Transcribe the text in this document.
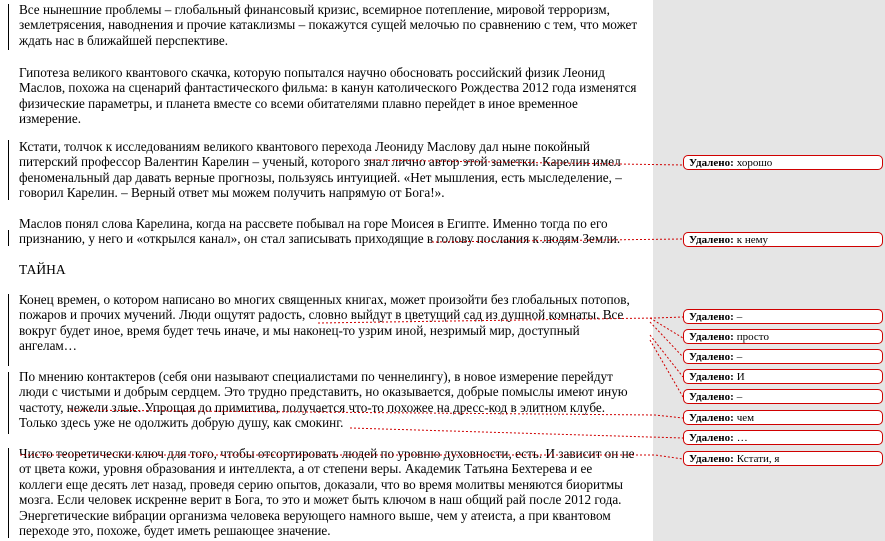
Все нынешние проблемы – глобальный финансовый кризис, всемирное потепление, мировой терроризм, землетрясения, наводнения и прочие катаклизмы – покажутся сущей мелочью по сравнению с тем, что может ждать нас в ближайшей перспективе.

Гипотеза великого квантового скачка, которую попытался научно обосновать российский физик Леонид Маслов, похожа на сценарий фантастического фильма: в канун католического Рождества 2012 года изменятся физические параметры, и планета вместе со всеми обитателями плавно перейдет в иное временное измерение.

Кстати, толчок к исследованиям великого квантового перехода Леониду Маслову дал ныне покойный питерский профессор Валентин Карелин – ученый, которого знал лично автор этой заметки. Карелин имел феноменальный дар давать верные прогнозы, пользуясь интуицией. «Нет мышления, есть мыследеление, – говорил Карелин. – Верный ответ мы можем получить напрямую от Бога!».

Маслов понял слова Карелина, когда на рассвете побывал на горе Моисея в Египте. Именно тогда по его признанию, у него и «открылся канал», он стал записывать приходящие в голову послания к людям Земли.

ТАЙНА

Конец времен, о котором написано во многих священных книгах, может произойти без глобальных потопов, пожаров и прочих мучений. Люди ощутят радость, словно выйдут в цветущий сад из душной комнаты. Все вокруг будет иное, время будет течь иначе, и мы наконец-то узрим иной, незримый мир, доступный ангелам…

По мнению контактеров (себя они называют специалистами по ченнелингу), в новое измерение перейдут люди с чистыми и добрым сердцем. Это трудно представить, но оказывается, добрые помыслы имеют иную частоту, нежели злые. Упрощая до примитива, получается что-то похожее на дресс-код в элитном клубе. Только здесь уже не одолжить добрую душу, как смокинг.

Чисто теоретически ключ для того, чтобы отсортировать людей по уровню духовности, есть. И зависит он не от цвета кожи, уровня образования и интеллекта, а от степени веры. Академик Татьяна Бехтерева и ее коллеги еще десять лет назад, проведя серию опытов, доказали, что во время молитвы меняются биоритмы мозга. Если человек искренне верит в Бога, то это и может быть ключом в наш общий рай после 2012 года. Энергетические вибрации организма человека верующего намного выше, чем у атеиста, а при квантовом переходе это, похоже, будет иметь решающее значение.

Удалено: хорошо
Удалено: к нему
Удалено: –
Удалено: просто
Удалено: –
Удалено: И
Удалено: –
Удалено: чем
Удалено: …
Удалено: Кстати, я
